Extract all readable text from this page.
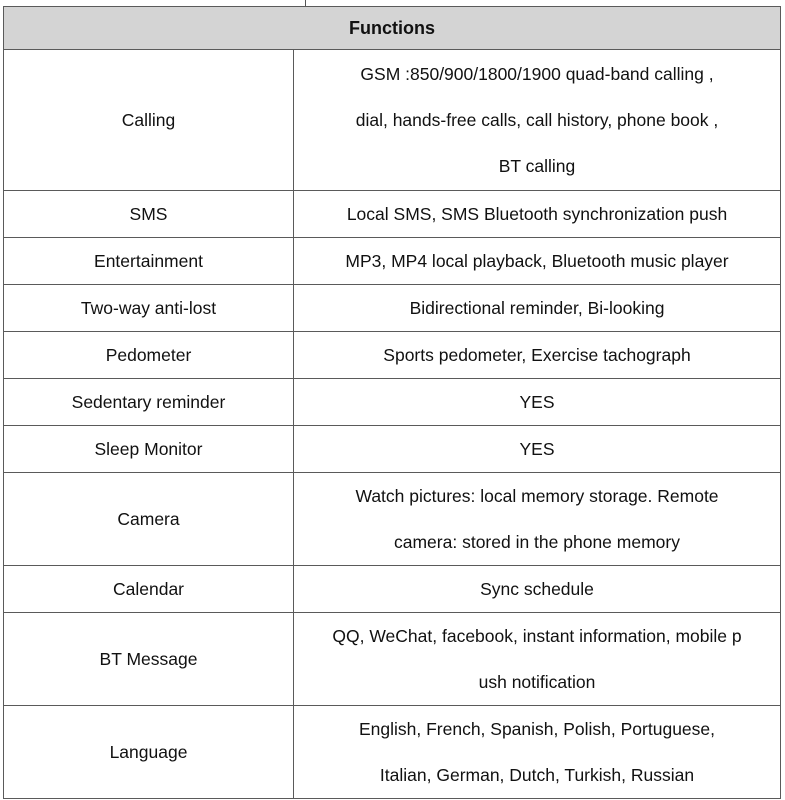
Functions	
Calling	GSM :850/900/1800/1900 quad-band calling ,
dial, hands-free calls, call history, phone book ,
BT calling

SMS	Local SMS, SMS Bluetooth synchronization push
Entertainment	MP3, MP4 local playback, Bluetooth music player
Two-way anti-lost	Bidirectional reminder, Bi-looking
Pedometer	Sports pedometer, Exercise tachograph
Sedentary reminder	YES
Sleep Monitor	YES
Camera	Watch pictures: local memory storage. Remote
camera: stored in the phone memory

Calendar	Sync schedule
BT Message	QQ, WeChat, facebook, instant information, mobile p
ush notification

Language	English, French, Spanish, Polish, Portuguese,
Italian, German, Dutch, Turkish, Russian
